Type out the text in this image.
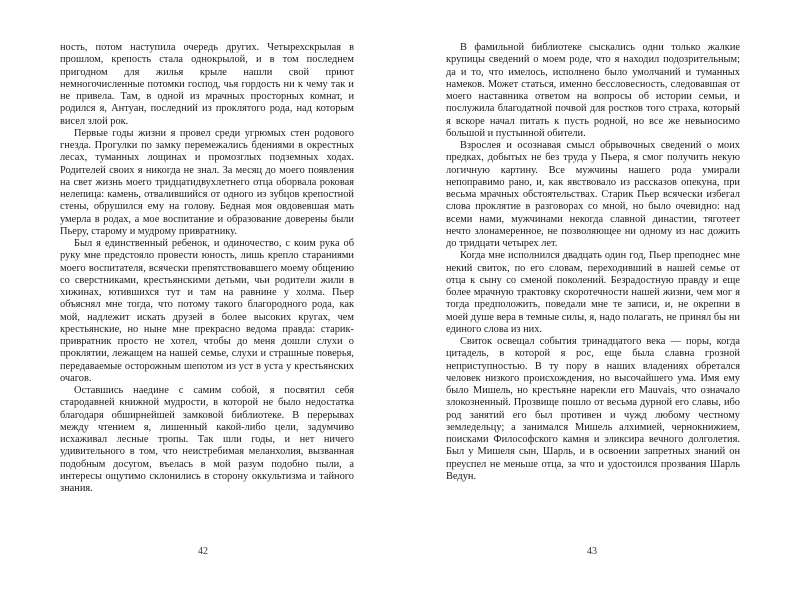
ность, потом наступила очередь других. Четырехскрылая в прошлом, крепость стала однокрылой, и в том последнем пригодном для жилья крыле нашли свой приют немногочисленные потомки господ, чья гордость ни к чему так и не привела. Там, в одной из мрачных просторных комнат, и родился я, Антуан, последний из проклятого рода, над которым висел злой рок.

Первые годы жизни я провел среди угрюмых стен родового гнезда. Прогулки по замку перемежались бдениями в окрестных лесах, туманных лощинах и промозглых подземных ходах. Родителей своих я никогда не знал. За месяц до моего появления на свет жизнь моего тридцатидвухлетнего отца оборвала роковая нелепица: камень, отвалившийся от одного из зубцов крепостной стены, обрушился ему на голову. Бедная моя овдовевшая мать умерла в родах, а мое воспитание и образование доверены были Пьеру, старому и мудрому привратнику.

Был я единственный ребенок, и одиночество, с коим рука об руку мне предстояло провести юность, лишь крепло стараниями моего воспитателя, всячески препятствовавшего моему общению со сверстниками, крестьянскими детьми, чьи родители жили в хижинах, ютившихся тут и там на равнине у холма. Пьер объяснял мне тогда, что потому такого благородного рода, как мой, надлежит искать друзей в более высоких кругах, чем крестьянские, но ныне мне прекрасно ведома правда: старик-привратник просто не хотел, чтобы до меня дошли слухи о проклятии, лежащем на нашей семье, слухи и страшные поверья, передаваемые осторожным шепотом из уст в уста у крестьянских очагов.

Оставшись наедине с самим собой, я посвятил себя стародавней книжной мудрости, в которой не было недостатка благодаря обширнейшей замковой библиотеке. В перерывах между чтением я, лишенный какой-либо цели, задумчиво исхаживал лесные тропы. Так шли годы, и нет ничего удивительного в том, что неистребимая меланхолия, вызванная подобным досугом, въелась в мой разум подобно пыли, а интересы ощутимо склонились в сторону оккультизма и тайного знания.

42

В фамильной библиотеке сыскались одни только жалкие крупицы сведений о моем роде, что я находил подозрительным; да и то, что имелось, исполнено было умолчаний и туманных намеков. Может статься, именно бессловесность, следовавшая от моего наставника ответом на вопросы об истории семьи, и послужила благодатной почвой для ростков того страха, который я вскоре начал питать к пусть родной, но все же невыносимо большой и пустынной обители.

Взрослея и осознавая смысл обрывочных сведений о моих предках, добытых не без труда у Пьера, я смог получить некую логичную картину. Все мужчины нашего рода умирали непоправимо рано, и, как явствовало из рассказов опекуна, при весьма мрачных обстоятельствах. Старик Пьер всячески избегал слова проклятие в разговорах со мной, но было очевидно: над всеми нами, мужчинами некогда славной династии, тяготеет нечто злонамеренное, не позволяющее ни одному из нас дожить до тридцати четырех лет.

Когда мне исполнился двадцать один год, Пьер преподнес мне некий свиток, по его словам, переходивший в нашей семье от отца к сыну со сменой поколений. Безрадостную правду и еще более мрачную трактовку скоротечности нашей жизни, чем мог я тогда предположить, поведали мне те записи, и, не окрепни в моей душе вера в темные силы, я, надо полагать, не принял бы ни единого слова из них.

Свиток освещал события тринадцатого века — поры, когда цитадель, в которой я рос, еще была славна грозной неприступностью. В ту пору в наших владениях обретался человек низкого происхождения, но высочайшего ума. Имя ему было Мишель, но крестьяне нарекли его Mauvais, что означало злокозненный. Прозвище пошло от весьма дурной его славы, ибо род занятий его был противен и чужд любому честному земледельцу; а занимался Мишель алхимией, чернокнижием, поисками Философского камня и эликсира вечного долголетия. Был у Мишеля сын, Шарль, и в освоении запретных знаний он преуспел не меньше отца, за что и удостоился прозвания Шарль Ведун.

43
